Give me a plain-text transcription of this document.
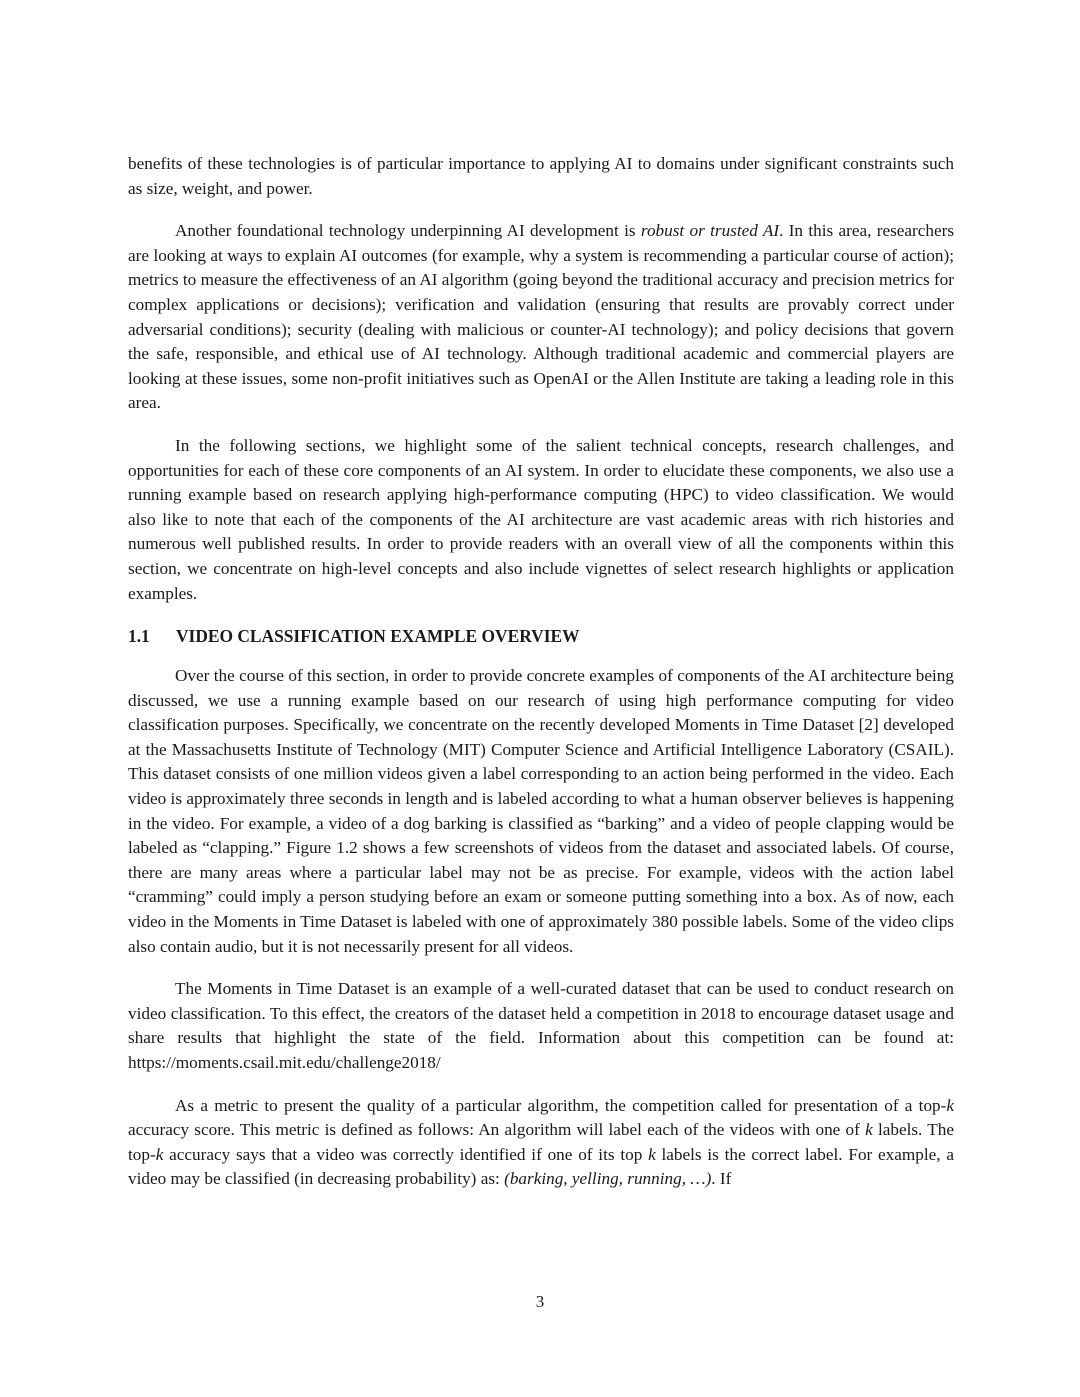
benefits of these technologies is of particular importance to applying AI to domains under significant constraints such as size, weight, and power.

Another foundational technology underpinning AI development is robust or trusted AI. In this area, researchers are looking at ways to explain AI outcomes (for example, why a system is recommending a particular course of action); metrics to measure the effectiveness of an AI algorithm (going beyond the traditional accuracy and precision metrics for complex applications or decisions); verification and validation (ensuring that results are provably correct under adversarial conditions); security (dealing with malicious or counter-AI technology); and policy decisions that govern the safe, responsible, and ethical use of AI technology. Although traditional academic and commercial players are looking at these issues, some non-profit initiatives such as OpenAI or the Allen Institute are taking a leading role in this area.

In the following sections, we highlight some of the salient technical concepts, research challenges, and opportunities for each of these core components of an AI system. In order to elucidate these components, we also use a running example based on research applying high-performance computing (HPC) to video classification. We would also like to note that each of the components of the AI architecture are vast academic areas with rich histories and numerous well published results. In order to provide readers with an overall view of all the components within this section, we concentrate on high-level concepts and also include vignettes of select research highlights or application examples.

1.1 VIDEO CLASSIFICATION EXAMPLE OVERVIEW

Over the course of this section, in order to provide concrete examples of components of the AI architecture being discussed, we use a running example based on our research of using high performance computing for video classification purposes. Specifically, we concentrate on the recently developed Moments in Time Dataset [2] developed at the Massachusetts Institute of Technology (MIT) Computer Science and Artificial Intelligence Laboratory (CSAIL). This dataset consists of one million videos given a label corresponding to an action being performed in the video. Each video is approximately three seconds in length and is labeled according to what a human observer believes is happening in the video. For example, a video of a dog barking is classified as “barking” and a video of people clapping would be labeled as “clapping.” Figure 1.2 shows a few screenshots of videos from the dataset and associated labels. Of course, there are many areas where a particular label may not be as precise. For example, videos with the action label “cramming” could imply a person studying before an exam or someone putting something into a box. As of now, each video in the Moments in Time Dataset is labeled with one of approximately 380 possible labels. Some of the video clips also contain audio, but it is not necessarily present for all videos.

The Moments in Time Dataset is an example of a well-curated dataset that can be used to conduct research on video classification. To this effect, the creators of the dataset held a competition in 2018 to encourage dataset usage and share results that highlight the state of the field. Information about this competition can be found at: https://moments.csail.mit.edu/challenge2018/

As a metric to present the quality of a particular algorithm, the competition called for presentation of a top-k accuracy score. This metric is defined as follows: An algorithm will label each of the videos with one of k labels. The top-k accuracy says that a video was correctly identified if one of its top k labels is the correct label. For example, a video may be classified (in decreasing probability) as: (barking, yelling, running, …). If

3
